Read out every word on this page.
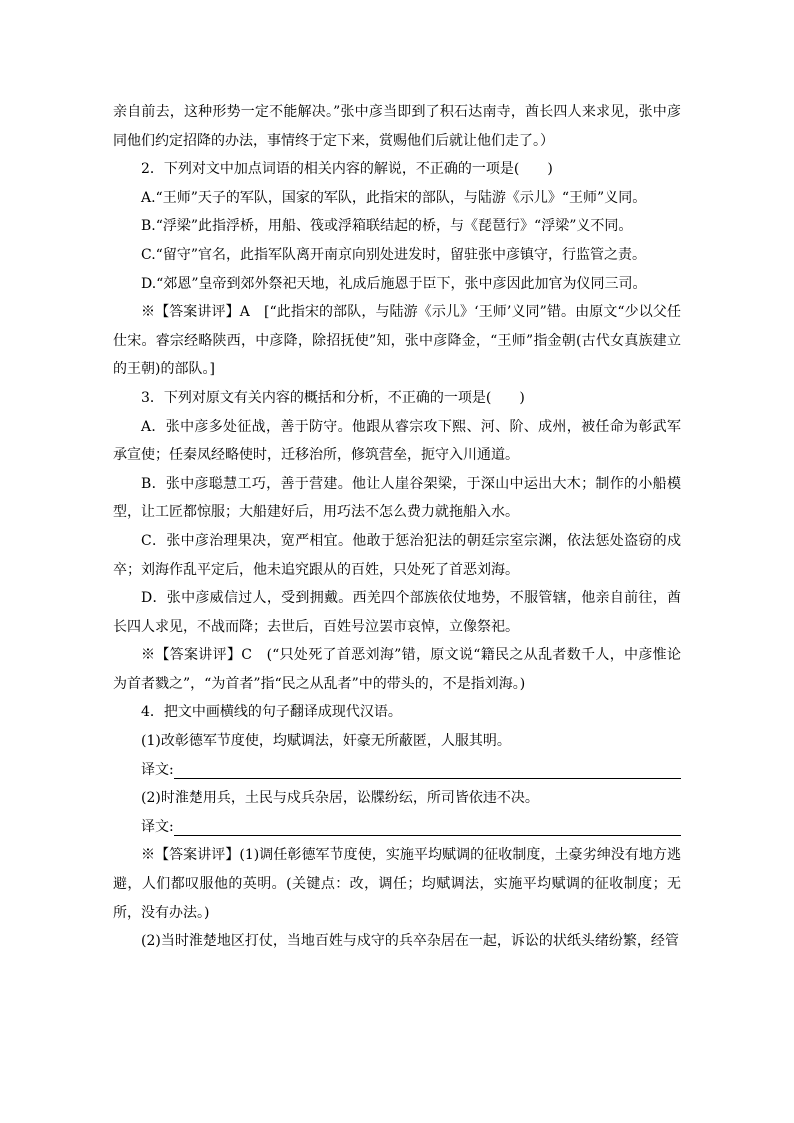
亲自前去，这种形势一定不能解决。”张中彦当即到了积石达南寺，酋长四人来求见，张中彦同他们约定招降的办法，事情终于定下来，赏赐他们后就让他们走了。）

2．下列对文中加点词语的相关内容的解说，不正确的一项是(　　)

A.“王师”天子的军队，国家的军队，此指宋的部队，与陆游《示儿》“王师”义同。

B.“浮梁”此指浮桥，用船、筏或浮箱联结起的桥，与《琵琶行》“浮梁”义不同。

C.“留守”官名，此指军队离开南京向别处进发时，留驻张中彦镇守，行监管之责。

D.“郊恩”皇帝到郊外祭祀天地，礼成后施恩于臣下，张中彦因此加官为仪同三司。

※【答案讲评】A　[“此指宋的部队，与陆游《示儿》‘王师’义同”错。由原文“少以父任仕宋。睿宗经略陕西，中彦降，除招抚使”知，张中彦降金，“王师”指金朝(古代女真族建立的王朝)的部队。]

3．下列对原文有关内容的概括和分析，不正确的一项是(　　)

A．张中彦多处征战，善于防守。他跟从睿宗攻下熙、河、阶、成州，被任命为彰武军承宣使；任秦凤经略使时，迁移治所，修筑营垒，扼守入川通道。

B．张中彦聪慧工巧，善于营建。他让人崖谷架梁，于深山中运出大木；制作的小船模型，让工匠都惊服；大船建好后，用巧法不怎么费力就拖船入水。

C．张中彦治理果决，宽严相宜。他敢于惩治犯法的朝廷宗室宗渊，依法惩处盗窃的戍卒；刘海作乱平定后，他未追究跟从的百姓，只处死了首恶刘海。

D．张中彦威信过人，受到拥戴。西羌四个部族依仗地势，不服管辖，他亲自前往，酋长四人求见，不战而降；去世后，百姓号泣罢市哀悼，立像祭祀。

※【答案讲评】C　(“只处死了首恶刘海”错，原文说“籍民之从乱者数千人，中彦惟论为首者戮之”，“为首者”指“民之从乱者”中的带头的，不是指刘海。)

4．把文中画横线的句子翻译成现代汉语。

(1)改彰德军节度使，均赋调法，奸豪无所蔽匿，人服其明。

译文:

(2)时淮楚用兵，土民与戍兵杂居，讼牒纷纭，所司皆依违不决。

译文:

※【答案讲评】(1)调任彰德军节度使，实施平均赋调的征收制度，土豪劣绅没有地方逃避，人们都叹服他的英明。(关键点：改，调任；均赋调法，实施平均赋调的征收制度；无所，没有办法。)

(2)当时淮楚地区打仗，当地百姓与戍守的兵卒杂居在一起，诉讼的状纸头绪纷繁，经管
